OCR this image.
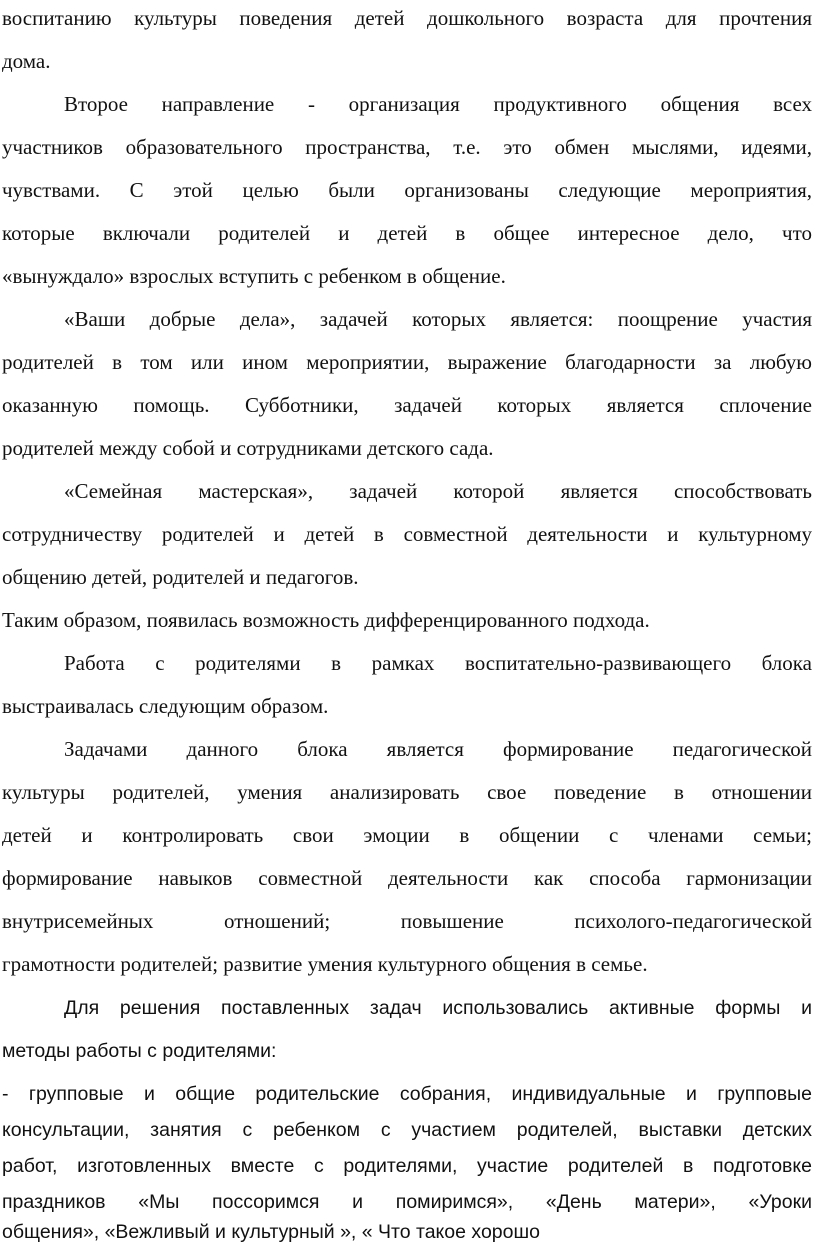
воспитанию культуры поведения детей дошкольного возраста для прочтения
дома.
Второе направление - организация продуктивного общения всех
участников образовательного пространства, т.е. это обмен мыслями, идеями,
чувствами. С этой целью были организованы следующие мероприятия,
которые включали родителей и детей в общее интересное дело, что
«вынуждало» взрослых вступить с ребенком в общение.
«Ваши добрые дела», задачей которых является: поощрение участия
родителей в том или ином мероприятии, выражение благодарности за любую
оказанную помощь. Субботники, задачей которых является сплочение
родителей между собой и сотрудниками детского сада.
«Семейная мастерская», задачей которой является способствовать
сотрудничеству родителей и детей в совместной деятельности и культурному
общению детей, родителей и педагогов.
Таким образом, появилась возможность дифференцированного подхода.
Работа с родителями в рамках воспитательно-развивающего блока
выстраивалась следующим образом.
Задачами данного блока является формирование педагогической
культуры родителей, умения анализировать свое поведение в отношении
детей и контролировать свои эмоции в общении с членами семьи;
формирование навыков совместной деятельности как способа гармонизации
внутрисемейных отношений; повышение психолого-педагогической
грамотности родителей; развитие умения культурного общения в семье.
Для решения поставленных задач использовались активные формы и
методы работы с родителями:
- групповые и общие родительские собрания, индивидуальные и групповые
консультации, занятия с ребенком с участием родителей, выставки детских
работ, изготовленных вместе с родителями, участие родителей в подготовке
праздников «Мы поссоримся и помиримся», «День матери», «Уроки
общения», «Вежливый и культурный », « Что такое хорошо
